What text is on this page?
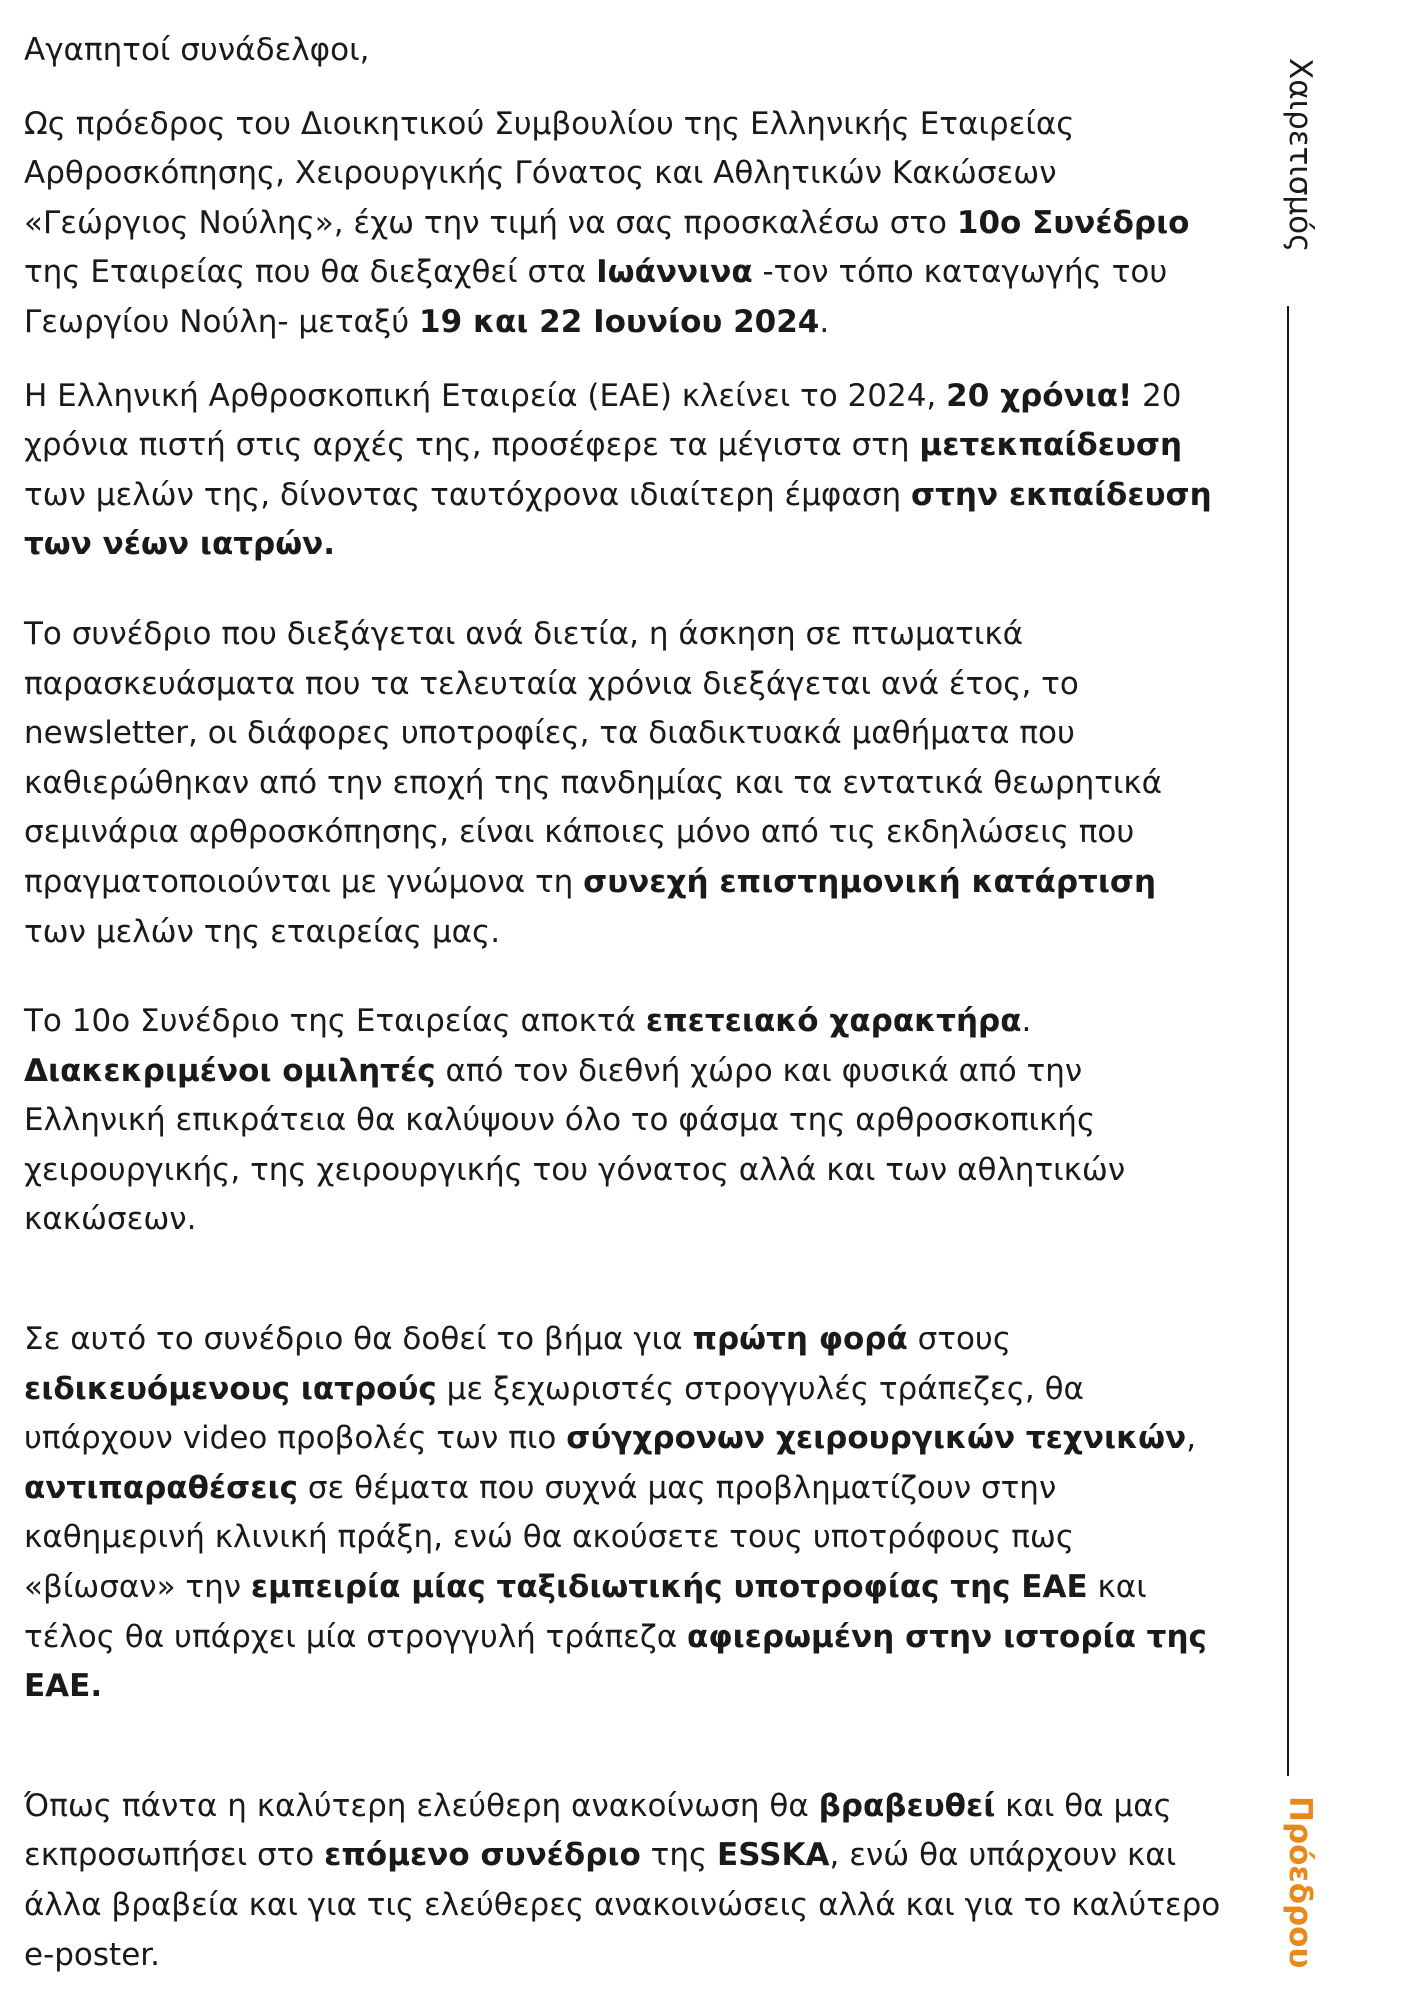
Αγαπητοί συνάδελφοι,

Ως πρόεδρος του Διοικητικού Συμβουλίου της Ελληνικής Εταιρείας Αρθροσκόπησης, Χειρουργικής Γόνατος και Αθλητικών Κακώσεων «Γεώργιος Νούλης», έχω την τιμή να σας προσκαλέσω στο 10ο Συνέδριο της Εταιρείας που θα διεξαχθεί στα Ιωάννινα -τον τόπο καταγωγής του Γεωργίου Νούλη- μεταξύ 19 και 22 Ιουνίου 2024.

Η Ελληνική Αρθροσκοπική Εταιρεία (ΕΑΕ) κλείνει το 2024, 20 χρόνια! 20 χρόνια πιστή στις αρχές της, προσέφερε τα μέγιστα στη μετεκπαίδευση των μελών της, δίνοντας ταυτόχρονα ιδιαίτερη έμφαση στην εκπαίδευση των νέων ιατρών.

Το συνέδριο που διεξάγεται ανά διετία, η άσκηση σε πτωματικά παρασκευάσματα που τα τελευταία χρόνια διεξάγεται ανά έτος, το newsletter, οι διάφορες υποτροφίες, τα διαδικτυακά μαθήματα που καθιερώθηκαν από την εποχή της πανδημίας και τα εντατικά θεωρητικά σεμινάρια αρθροσκόπησης, είναι κάποιες μόνο από τις εκδηλώσεις που πραγματοποιούνται με γνώμονα τη συνεχή επιστημονική κατάρτιση των μελών της εταιρείας μας.

Το 10ο Συνέδριο της Εταιρείας αποκτά επετειακό χαρακτήρα. Διακεκριμένοι ομιλητές από τον διεθνή χώρο και φυσικά από την Ελληνική επικράτεια θα καλύψουν όλο το φάσμα της αρθροσκοπικής χειρουργικής, της χειρουργικής του γόνατος αλλά και των αθλητικών κακώσεων.

Σε αυτό το συνέδριο θα δοθεί το βήμα για πρώτη φορά στους ειδικευόμενους ιατρούς με ξεχωριστές στρογγυλές τράπεζες, θα υπάρχουν video προβολές των πιο σύγχρονων χειρουργικών τεχνικών, αντιπαραθέσεις σε θέματα που συχνά μας προβληματίζουν στην καθημερινή κλινική πράξη, ενώ θα ακούσετε τους υποτρόφους πως «βίωσαν» την εμπειρία μίας ταξιδιωτικής υποτροφίας της ΕΑΕ και τέλος θα υπάρχει μία στρογγυλή τράπεζα αφιερωμένη στην ιστορία της ΕΑΕ.

Όπως πάντα η καλύτερη ελεύθερη ανακοίνωση θα βραβευθεί και θα μας εκπροσωπήσει στο επόμενο συνέδριο της ESSKA, ενώ θα υπάρχουν και άλλα βραβεία και για τις ελεύθερες ανακοινώσεις αλλά και για το καλύτερο e-poster.

Χαιρετισμός
Πρόεδρου
